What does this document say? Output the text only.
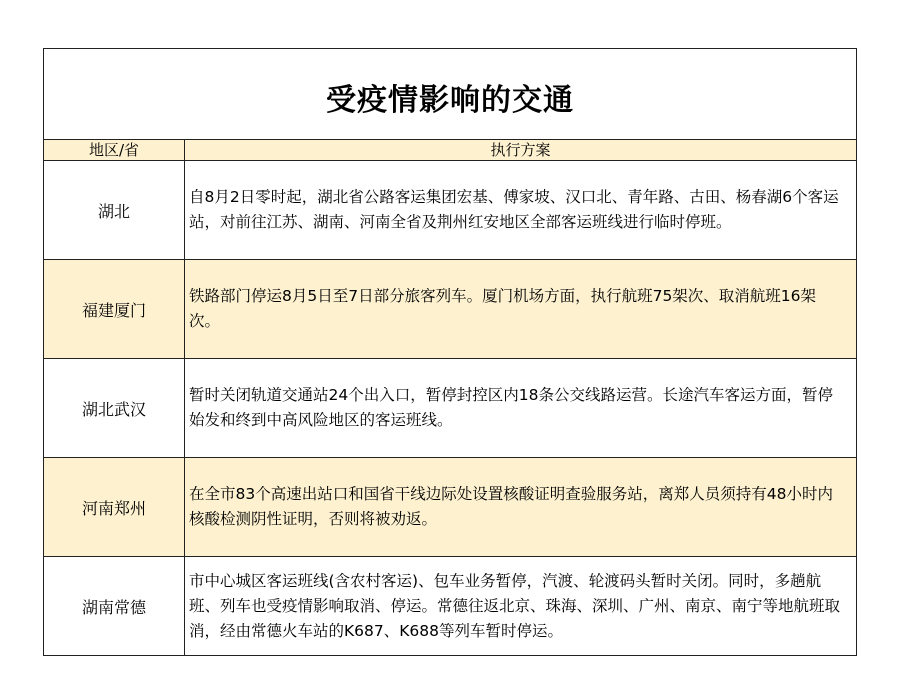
受疫情影响的交通	
地区/省	执行方案
湖北	自8月2日零时起，湖北省公路客运集团宏基、傅家坡、汉口北、青年路、古田、杨春湖6个客运站，对前往江苏、湖南、河南全省及荆州红安地区全部客运班线进行临时停班。
福建厦门	铁路部门停运8月5日至7日部分旅客列车。厦门机场方面，执行航班75架次、取消航班16架次。
湖北武汉	暂时关闭轨道交通站24个出入口，暂停封控区内18条公交线路运营。长途汽车客运方面，暂停始发和终到中高风险地区的客运班线。
河南郑州	在全市83个高速出站口和国省干线边际处设置核酸证明查验服务站，离郑人员须持有48小时内核酸检测阴性证明，否则将被劝返。
湖南常德	市中心城区客运班线(含农村客运)、包车业务暂停，汽渡、轮渡码头暂时关闭。同时，多趟航班、列车也受疫情影响取消、停运。常德往返北京、珠海、深圳、广州、南京、南宁等地航班取消，经由常德火车站的K687、K688等列车暂时停运。
